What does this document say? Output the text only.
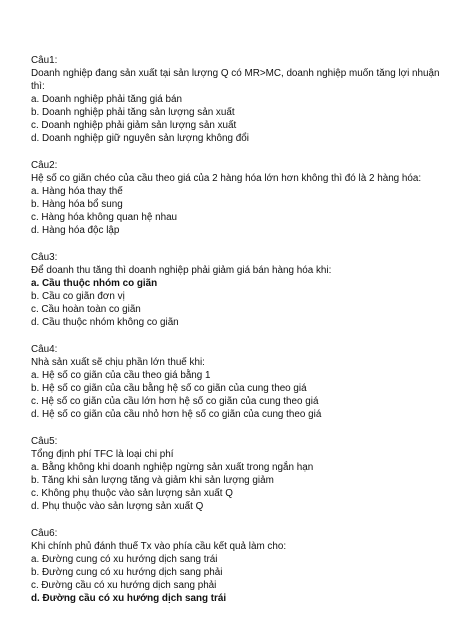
Câu1:
Doanh nghiệp đang sản xuất tại sản lượng Q có MR>MC, doanh nghiệp muốn tăng lợi nhuận thì:
a. Doanh nghiệp phải tăng giá bán
b. Doanh nghiệp phải tăng sản lượng sản xuất
c. Doanh nghiệp phải giảm sản lượng sản xuất
d. Doanh nghiệp giữ nguyên sản lượng không đổi
Câu2:
Hệ số co giãn chéo của cầu theo giá của 2 hàng hóa lớn hơn không thì đó là 2 hàng hóa:
a. Hàng hóa thay thế
b. Hàng hóa bổ sung
c. Hàng hóa không quan hệ nhau
d. Hàng hóa độc lập
Câu3:
Để doanh thu tăng thì doanh nghiệp phải giảm giá bán hàng hóa khi:
a. Cầu thuộc nhóm co giãn
b. Cầu co giãn đơn vị
c. Cầu hoàn toàn co giãn
d. Cầu thuộc nhóm không co giãn
Câu4:
Nhà sản xuất sẽ chịu phần lớn thuế khi:
a. Hệ số co giãn của cầu theo giá bằng 1
b. Hệ số co giãn của cầu bằng hệ số co giãn của cung theo giá
c. Hệ số co giãn của cầu lớn hơn hệ số co giãn của cung theo giá
d. Hệ số co giãn của cầu nhỏ hơn hệ số co giãn của cung theo giá
Câu5:
Tổng định phí TFC là loại chi phí
a. Bằng không khi doanh nghiệp ngừng sản xuất trong ngắn hạn
b. Tăng khi sản lượng tăng và giảm khi sản lượng giảm
c. Không phụ thuộc vào sản lượng sản xuất Q
d. Phụ thuộc vào sản lượng sản xuất Q
Câu6:
Khi chính phủ đánh thuế Tx vào phía cầu kết quả làm cho:
a. Đường cung có xu hướng dịch sang trái
b. Đường cung có xu hướng dịch sang phải
c. Đường cầu có xu hướng dịch sang phải
d. Đường cầu có xu hướng dịch sang trái
